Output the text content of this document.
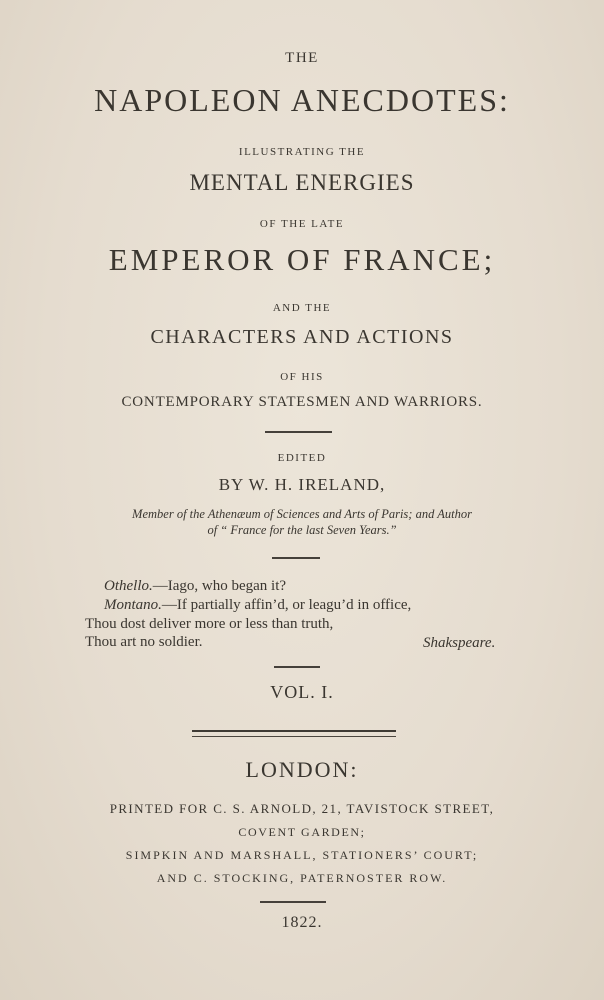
THE
NAPOLEON ANECDOTES:
ILLUSTRATING THE
MENTAL ENERGIES
OF THE LATE
EMPEROR OF FRANCE;
AND THE
CHARACTERS AND ACTIONS
OF HIS
CONTEMPORARY STATESMEN AND WARRIORS.
EDITED
BY W. H. IRELAND,
Member of the Athenæum of Sciences and Arts of Paris; and Author
of “ France for the last Seven Years.”
Othello.—Iago, who began it?
Montano.—If partially affin’d, or leagu’d in office,
Thou dost deliver more or less than truth,
Thou art no soldier.	Shakspeare.
VOL. I.
LONDON:
PRINTED FOR C. S. ARNOLD, 21, TAVISTOCK STREET,
COVENT GARDEN;
SIMPKIN AND MARSHALL, STATIONERS’ COURT;
AND C. STOCKING, PATERNOSTER ROW.
1822.
